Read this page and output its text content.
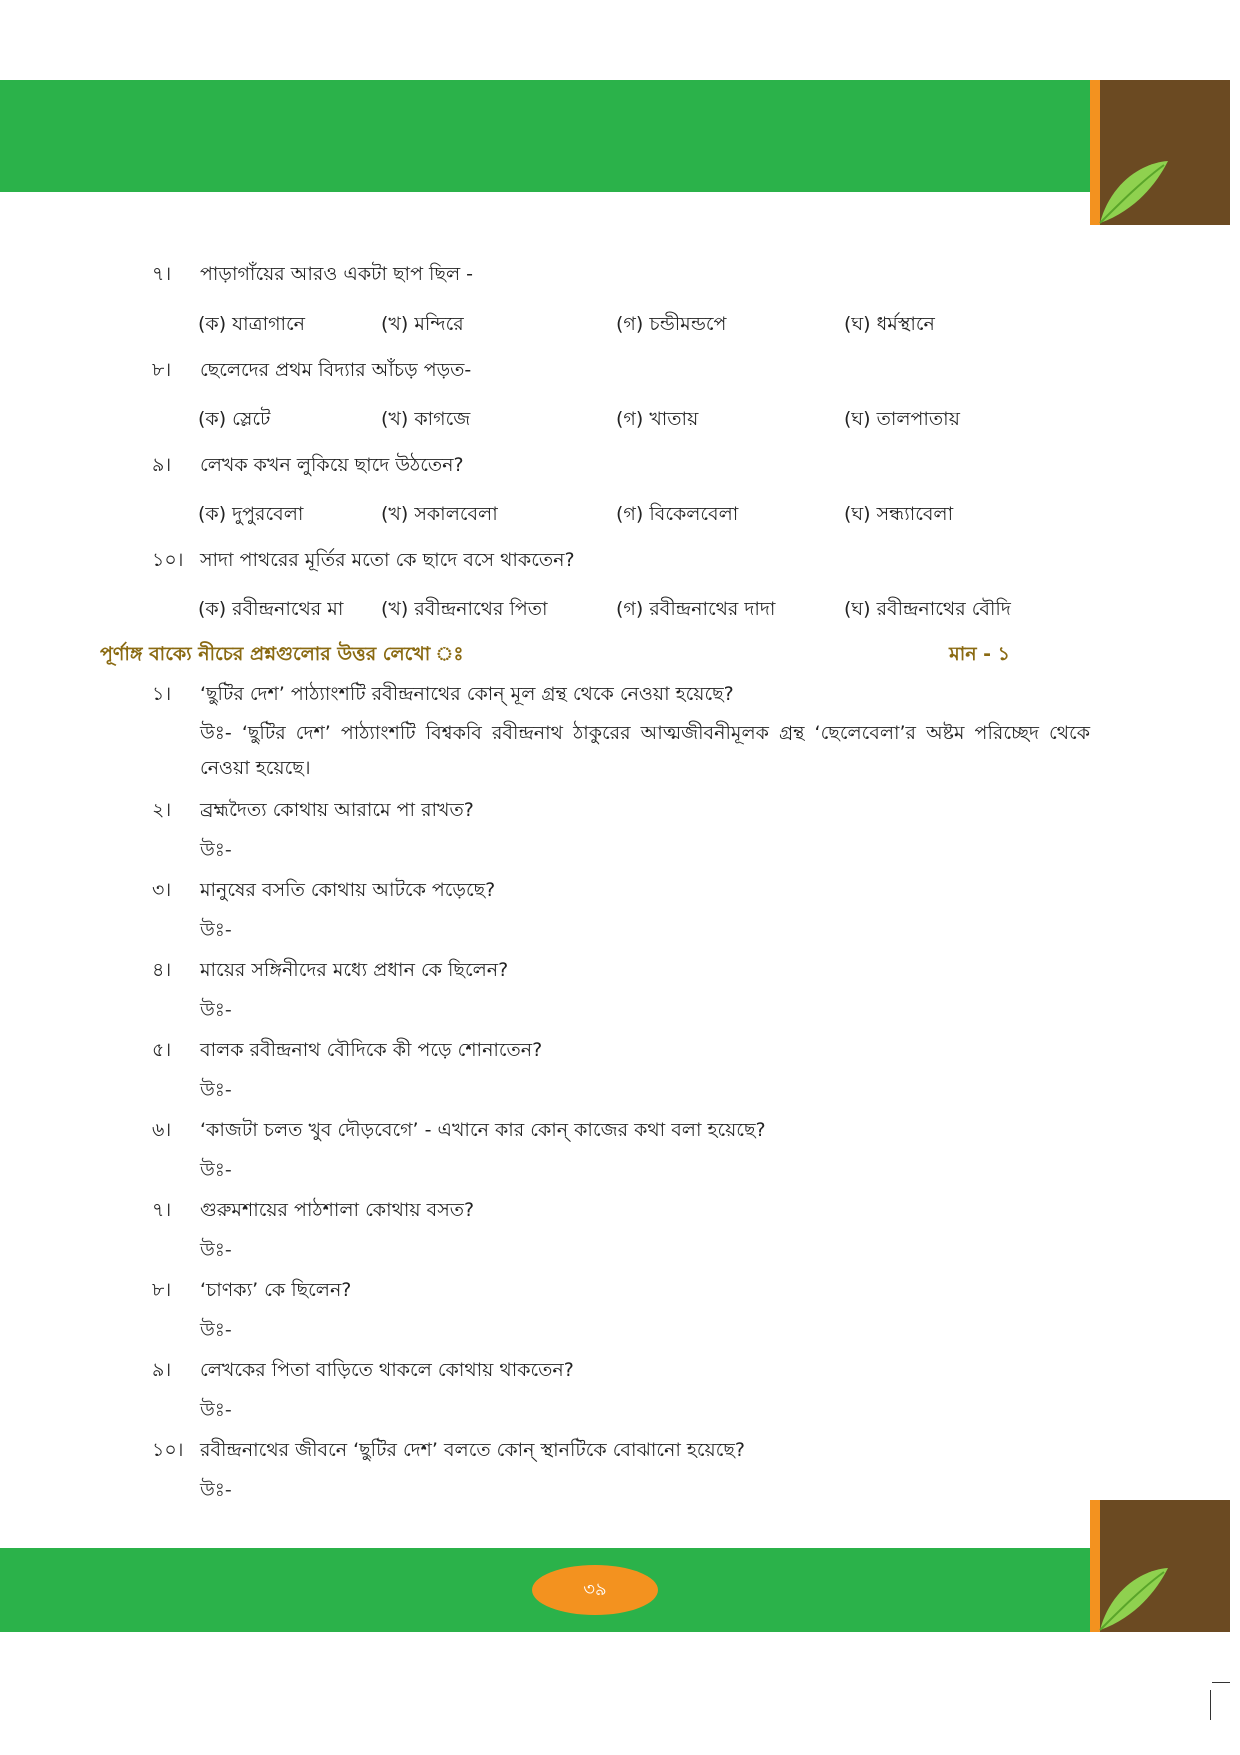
৭। পাড়াগাঁয়ের আরও একটা ছাপ ছিল -
(ক) যাত্রাগানে	(খ) মন্দিরে	(গ) চন্ডীমন্ডপে	(ঘ) ধর্মস্থানে
৮। ছেলেদের প্রথম বিদ্যার আঁচড় পড়ত-
(ক) স্লেটে	(খ) কাগজে	(গ) খাতায়	(ঘ) তালপাতায়
৯। লেখক কখন লুকিয়ে ছাদে উঠতেন?
(ক) দুপুরবেলা	(খ) সকালবেলা	(গ) বিকেলবেলা	(ঘ) সন্ধ্যাবেলা
১০। সাদা পাথরের মূর্তির মতো কে ছাদে বসে থাকতেন?
(ক) রবীন্দ্রনাথের মা (খ) রবীন্দ্রনাথের পিতা	(গ) রবীন্দ্রনাথের দাদা	(ঘ) রবীন্দ্রনাথের বৌদি
পূর্ণাঙ্গ বাক্যে নীচের প্রশ্নগুলোর উত্তর লেখো ঃ	মান - ১
১। ‘ছুটির দেশ’ পাঠ্যাংশটি রবীন্দ্রনাথের কোন্ মূল গ্রন্থ থেকে নেওয়া হয়েছে?
উঃ- ‘ছুটির দেশ’ পাঠ্যাংশটি বিশ্বকবি রবীন্দ্রনাথ ঠাকুরের আত্মজীবনীমূলক গ্রন্থ ‘ছেলেবেলা’র অষ্টম পরিচ্ছেদ থেকে নেওয়া হয়েছে।
২। ব্রহ্মদৈত্য কোথায় আরামে পা রাখত?
উঃ-
৩। মানুষের বসতি কোথায় আটকে পড়েছে?
উঃ-
৪। মায়ের সঙ্গিনীদের মধ্যে প্রধান কে ছিলেন?
উঃ-
৫। বালক রবীন্দ্রনাথ বৌদিকে কী পড়ে শোনাতেন?
উঃ-
৬। ‘কাজটা চলত খুব দৌড়বেগে’ - এখানে কার কোন্ কাজের কথা বলা হয়েছে?
উঃ-
৭। গুরুমশায়ের পাঠশালা কোথায় বসত?
উঃ-
৮। ‘চাণক্য’ কে ছিলেন?
উঃ-
৯। লেখকের পিতা বাড়িতে থাকলে কোথায় থাকতেন?
উঃ-
১০। রবীন্দ্রনাথের জীবনে ‘ছুটির দেশ’ বলতে কোন্ স্থানটিকে বোঝানো হয়েছে?
উঃ-
৩৯
